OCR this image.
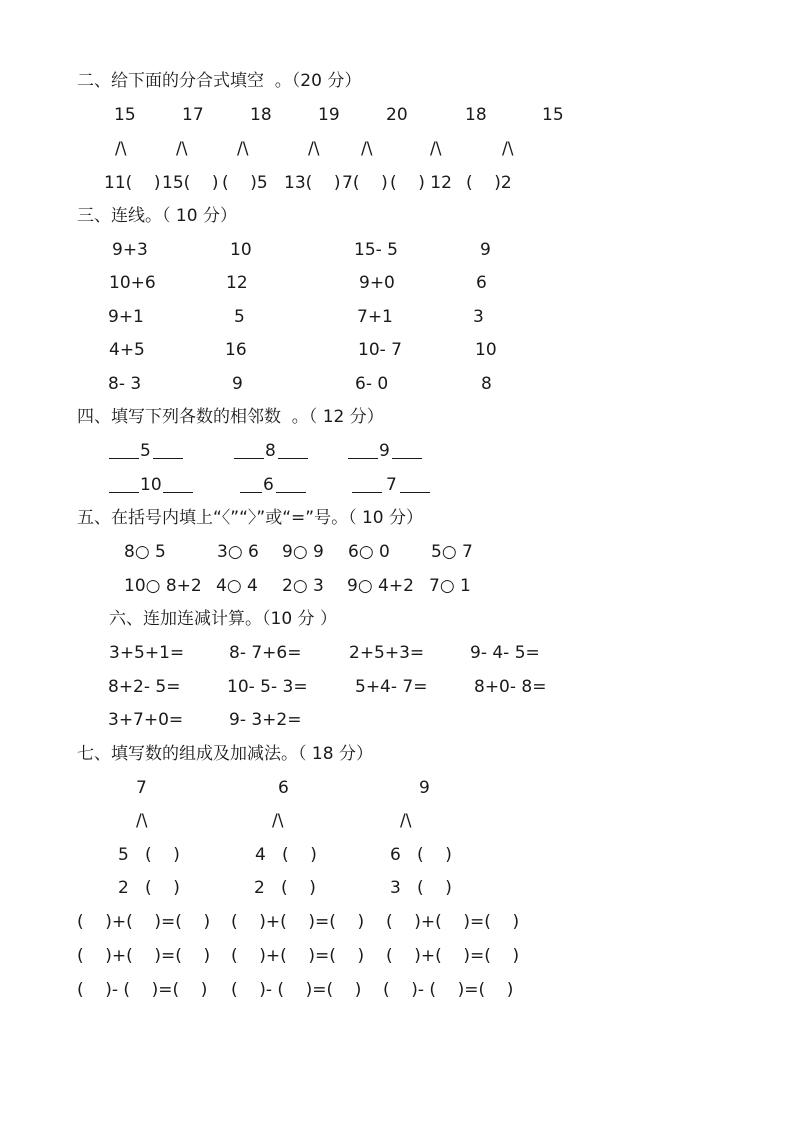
二、给下面的分合式填空  。（20 分）
15	17	18	19	20	18	15
/\	/\	/\	/\ /\	/\	/\
11(    ) 15(    ) (    )5 13(    ) 7(    ) (    ) 12 (    )2
三、连线。（ 10 分）
9+3	10	15- 5	9
10+6	12	9+0	6
9+1	5	7+1	3
4+5	16	10- 7	10
8- 3	9	6- 0	8
四、填写下列各数的相邻数  。（ 12 分）
5	8	9
10	6	7
五、在括号内填上“〈”“〉”或“=”号。（ 10 分）
8○ 5	3○ 6 9○ 9 6○ 0 5○ 7
10○ 8+2 4○ 4 2○ 3 9○ 4+2 7○ 1
六、连加连减计算。（10 分 ）
3+5+1=	8- 7+6=	2+5+3=	9- 4- 5=
8+2- 5=	10- 5- 3=	5+4- 7=	8+0- 8=
3+7+0=	9- 3+2=
七、填写数的组成及加减法。（ 18 分）
7	6	9
/\	/\	/\
5   (    )	4   (    )	6   (    )
2   (    )	2   (    )	3   (    )
(    )+(    )=(    ) (    )+(    )=(    ) (    )+(    )=(    )
(    )+(    )=(    ) (    )+(    )=(    ) (    )+(    )=(    )
(    )- (    )=(    ) (    )- (    )=(    ) (    )- (    )=(    )
